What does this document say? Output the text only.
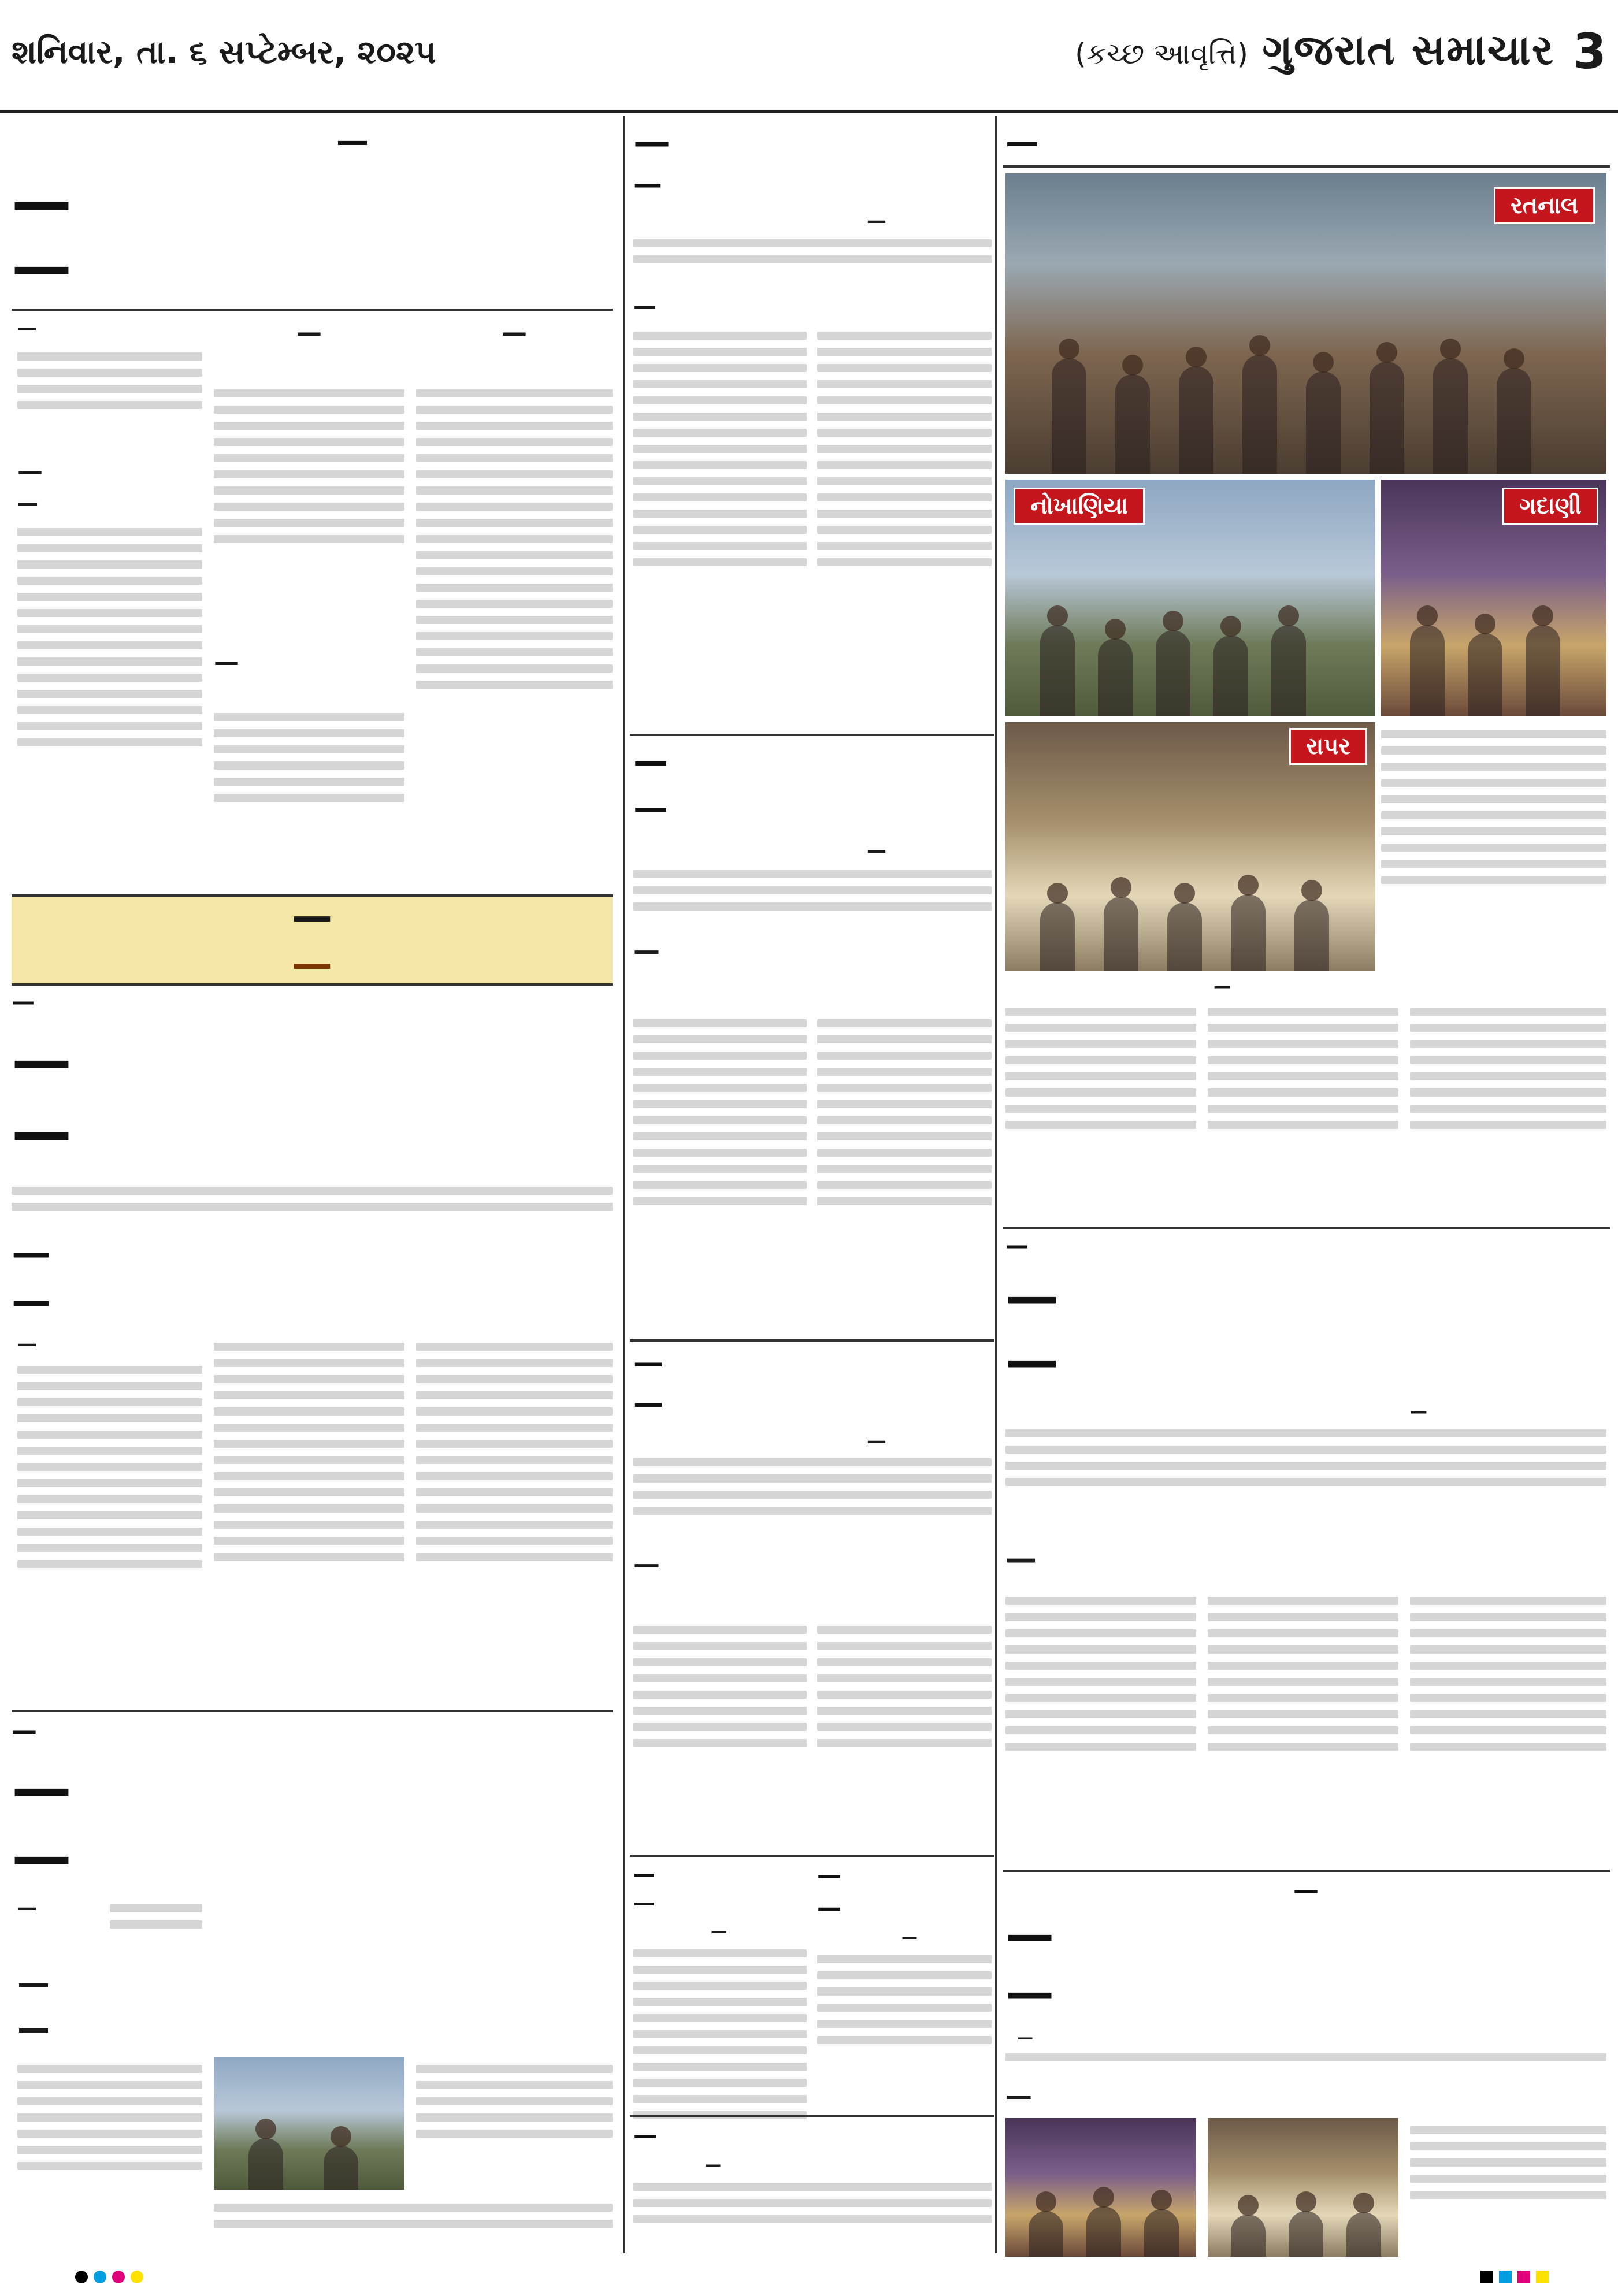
શનિવાર, તા. ૬ સપ્ટેમ્બર, ૨૦૨૫	(કચ્છ આવૃત્તિ) ગુજરાત સમાચાર 3
—
—
—
—
—
—
—
—
—
—
—
—
—
—
—
—
—
—
—
—
—
—
—
—
—
—
—
—
—
—
—
—
—
—
—
—
—
—
—
—
—
—
—
—
રતનાલ
નોખાણિયા	ગદાણી
રાપર
—
—
—
—
—
—
—
—
—
—
—
